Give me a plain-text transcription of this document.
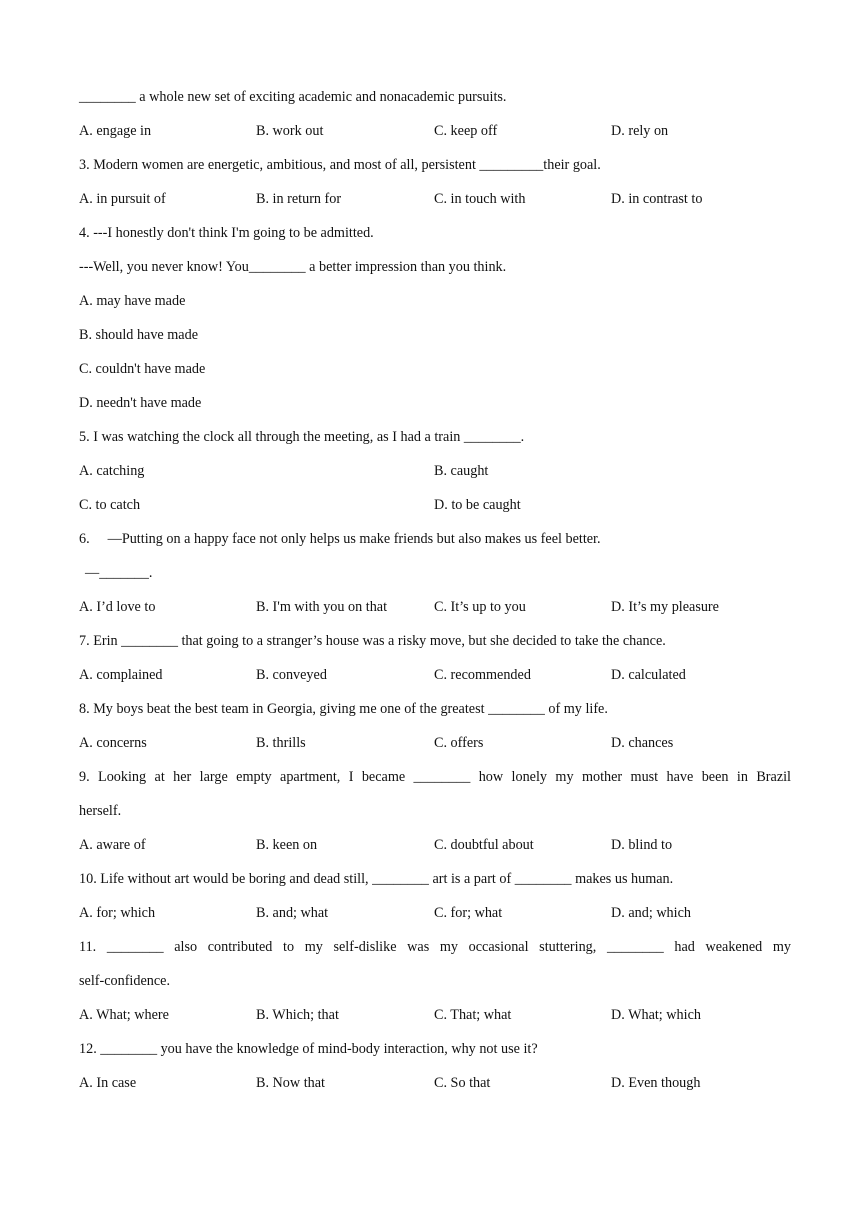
________ a whole new set of exciting academic and nonacademic pursuits.
A. engage in	B. work out	C. keep off	D. rely on
3. Modern women are energetic, ambitious, and most of all, persistent _________their goal.
A. in pursuit of	B. in return for	C. in touch with	D. in contrast to
4. ---I honestly don't think I'm going to be admitted.
---Well, you never know! You________ a better impression than you think.
A. may have made
B. should have made
C. couldn't have made
D. needn't have made
5. I was watching the clock all through the meeting, as I had a train ________.
A. catching	B. caught
C. to catch	D. to be caught
6. —Putting on a happy face not only helps us make friends but also makes us feel better.
—_______.
A. I’d love to	B. I'm with you on that	C. It’s up to you	D. It’s my pleasure
7. Erin ________ that going to a stranger’s house was a risky move, but she decided to take the chance.
A. complained	B. conveyed	C. recommended	D. calculated
8. My boys beat the best team in Georgia, giving me one of the greatest ________ of my life.
A. concerns	B. thrills	C. offers	D. chances
9. Looking at her large empty apartment, I became ________ how lonely my mother must have been in Brazil
herself.
A. aware of	B. keen on	C. doubtful about	D. blind to
10. Life without art would be boring and dead still, ________ art is a part of ________ makes us human.
A. for; which	B. and; what	C. for; what	D. and; which
11. ________ also contributed to my self-dislike was my occasional stuttering, ________ had weakened my
self-confidence.
A. What; where	B. Which; that	C. That; what	D. What; which
12. ________ you have the knowledge of mind-body interaction, why not use it?
A. In case	B. Now that	C. So that	D. Even though
